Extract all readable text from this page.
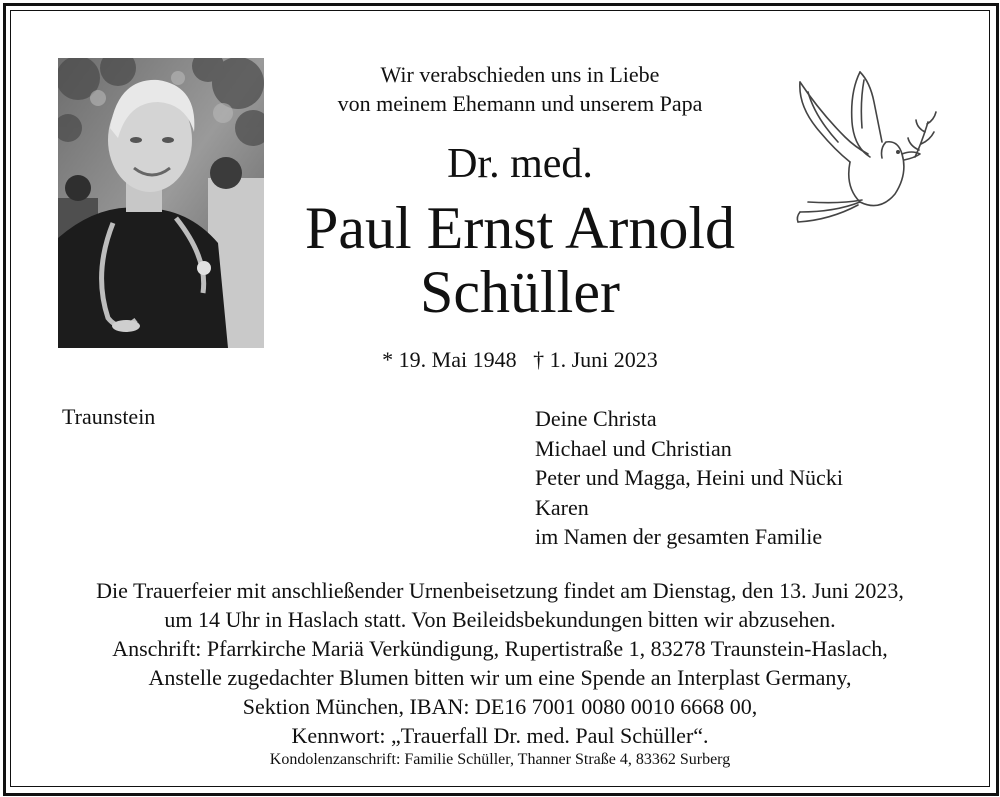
Wir verabschieden uns in Liebe
von meinem Ehemann und unserem Papa
Dr. med.
Paul Ernst Arnold
Schüller
* 19. Mai 1948 † 1. Juni 2023
Traunstein	Deine Christa
Michael und Christian
Peter und Magga, Heini und Nücki
Karen
im Namen der gesamten Familie
Die Trauerfeier mit anschließender Urnenbeisetzung findet am Dienstag, den 13. Juni 2023,
um 14 Uhr in Haslach statt. Von Beileidsbekundungen bitten wir abzusehen.
Anschrift: Pfarrkirche Mariä Verkündigung, Rupertistraße 1, 83278 Traunstein-Haslach,
Anstelle zugedachter Blumen bitten wir um eine Spende an Interplast Germany,
Sektion München, IBAN: DE16 7001 0080 0010 6668 00,
Kennwort: „Trauerfall Dr. med. Paul Schüller“.
Kondolenzanschrift: Familie Schüller, Thanner Straße 4, 83362 Surberg
